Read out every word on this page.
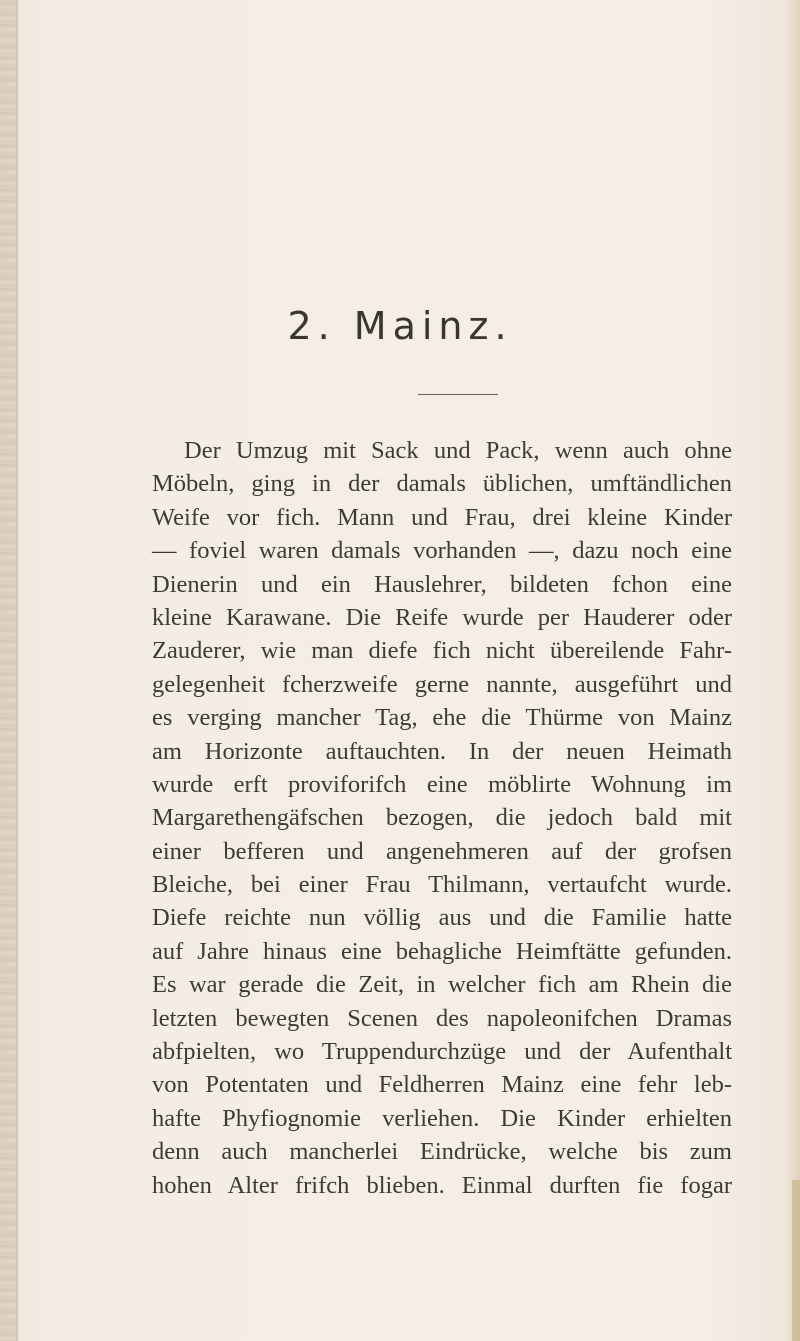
2. Mainz.
Der Umzug mit Sack und Pack, wenn auch ohne
Möbeln, ging in der damals üblichen, umftändlichen
Weife vor fich. Mann und Frau, drei kleine Kinder
— foviel waren damals vorhanden —, dazu noch eine
Dienerin und ein Hauslehrer, bildeten fchon eine
kleine Karawane. Die Reife wurde per Hauderer oder
Zauderer, wie man diefe fich nicht übereilende Fahr-
gelegenheit fcherzweife gerne nannte, ausgeführt und
es verging mancher Tag, ehe die Thürme von Mainz
am Horizonte auftauchten. In der neuen Heimath
wurde erft proviforifch eine möblirte Wohnung im
Margarethengäfschen bezogen, die jedoch bald mit
einer befferen und angenehmeren auf der grofsen
Bleiche, bei einer Frau Thilmann, vertaufcht wurde.
Diefe reichte nun völlig aus und die Familie hatte
auf Jahre hinaus eine behagliche Heimftätte gefunden.
Es war gerade die Zeit, in welcher fich am Rhein die
letzten bewegten Scenen des napoleonifchen Dramas
abfpielten, wo Truppendurchzüge und der Aufenthalt
von Potentaten und Feldherren Mainz eine fehr leb-
hafte Phyfiognomie verliehen. Die Kinder erhielten
denn auch mancherlei Eindrücke, welche bis zum
hohen Alter frifch blieben. Einmal durften fie fogar
